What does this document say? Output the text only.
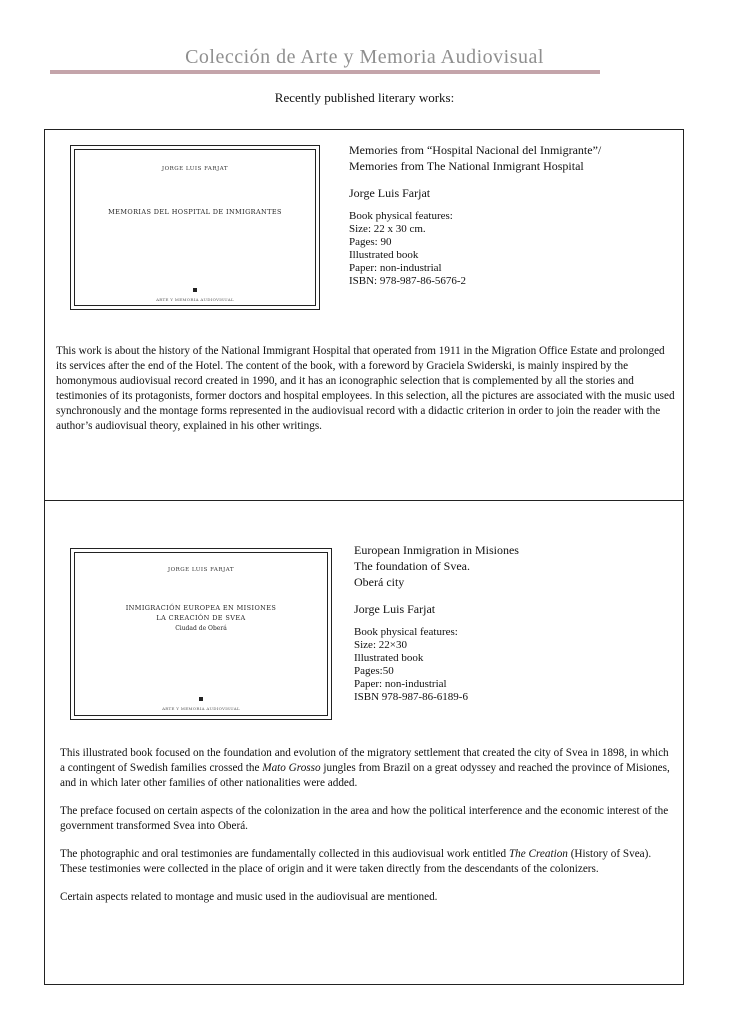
Colección de Arte y Memoria Audiovisual
Recently published literary works:
JORGE LUIS FARJAT
MEMORIAS DEL HOSPITAL DE INMIGRANTES
ARTE Y MEMORIA AUDIOVISUAL
Memories from “Hospital Nacional del Inmigrante”/
Memories from The National Inmigrant Hospital
Jorge Luis Farjat
Book physical features:
Size: 22 x 30 cm.
Pages: 90
Illustrated book
Paper: non-industrial
ISBN: 978-987-86-5676-2

This work is about the history of the National Immigrant Hospital that operated from 1911 in the Migration Office Estate and prolonged its services after the end of the Hotel. The content of the book, with a foreword by Graciela Swiderski, is mainly inspired by the homonymous audiovisual record created in 1990, and it has an iconographic selection that is complemented by all the stories and testimonies of its protagonists, former doctors and hospital employees. In this selection, all the pictures are associated with the music used synchronously and the montage forms represented in the audiovisual record with a didactic criterion in order to join the reader with the author’s audiovisual theory, explained in his other writings.

JORGE LUIS FARJAT
INMIGRACIÓN EUROPEA EN MISIONES
LA CREACIÓN DE SVEA
Ciudad de Oberá
ARTE Y MEMORIA AUDIOVISUAL
European Inmigration in Misiones
The foundation of Svea.
Oberá city
Jorge Luis Farjat
Book physical features:
Size: 22×30
Illustrated book
Pages:50
Paper: non-industrial
ISBN 978-987-86-6189-6

This illustrated book focused on the foundation and evolution of the migratory settlement that created the city of Svea in 1898, in which a contingent of Swedish families crossed the Mato Grosso jungles from Brazil on a great odyssey and reached the province of Misiones, and in which later other families of other nationalities were added.

The preface focused on certain aspects of the colonization in the area and how the political interference and the economic interest of the government transformed Svea into Oberá.

The photographic and oral testimonies are fundamentally collected in this audiovisual work entitled The Creation (History of Svea). These testimonies were collected in the place of origin and it were taken directly from the descendants of the colonizers.

Certain aspects related to montage and music used in the audiovisual are mentioned.
